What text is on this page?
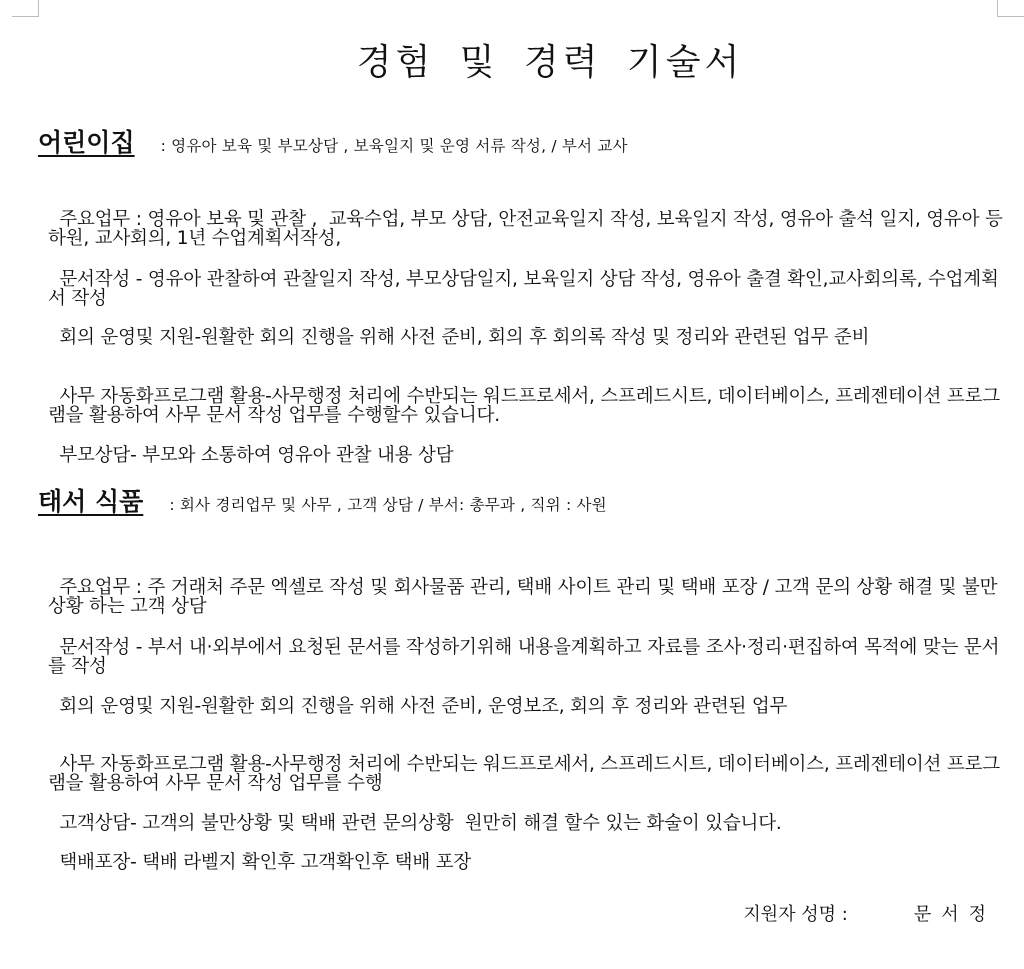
경험 및 경력 기술서
어린이집 : 영유아 보육 및 부모상담 , 보육일지 및 운영 서류 작성, / 부서 교사

주요업무 : 영유아 보육 및 관찰 ,  교육수업, 부모 상담, 안전교육일지 작성, 보육일지 작성, 영유아 출석 일지, 영유아 등하원, 교사회의, 1년 수업계획서작성,

문서작성 - 영유아 관찰하여 관찰일지 작성, 부모상담일지, 보육일지 상담 작성, 영유아 출결 확인,교사회의록, 수업계획서 작성

회의 운영및 지원-원활한 회의 진행을 위해 사전 준비, 회의 후 회의록 작성 및 정리와 관련된 업무 준비

사무 자동화프로그램 활용-사무행정 처리에 수반되는 워드프로세서, 스프레드시트, 데이터베이스, 프레젠테이션 프로그램을 활용하여 사무 문서 작성 업무를 수행할수 있습니다.

부모상담- 부모와 소통하여 영유아 관찰 내용 상담

태서 식품 : 회사 경리업무 및 사무 , 고객 상담 / 부서: 총무과 , 직위 : 사원

주요업무 : 주 거래처 주문 엑셀로 작성 및 회사물품 관리, 택배 사이트 관리 및 택배 포장 / 고객 문의 상황 해결 및 불만상황 하는 고객 상담

문서작성 - 부서 내·외부에서 요청된 문서를 작성하기위해 내용을계획하고 자료를 조사·정리·편집하여 목적에 맞는 문서를 작성

회의 운영및 지원-원활한 회의 진행을 위해 사전 준비, 운영보조, 회의 후 정리와 관련된 업무

사무 자동화프로그램 활용-사무행정 처리에 수반되는 워드프로세서, 스프레드시트, 데이터베이스, 프레젠테이션 프로그램을 활용하여 사무 문서 작성 업무를 수행

고객상담- 고객의 불만상황 및 택배 관련 문의상황  원만히 해결 할수 있는 화술이 있습니다.

택배포장- 택배 라벨지 확인후 고객확인후 택배 포장

지원자 성명 :	문서정
